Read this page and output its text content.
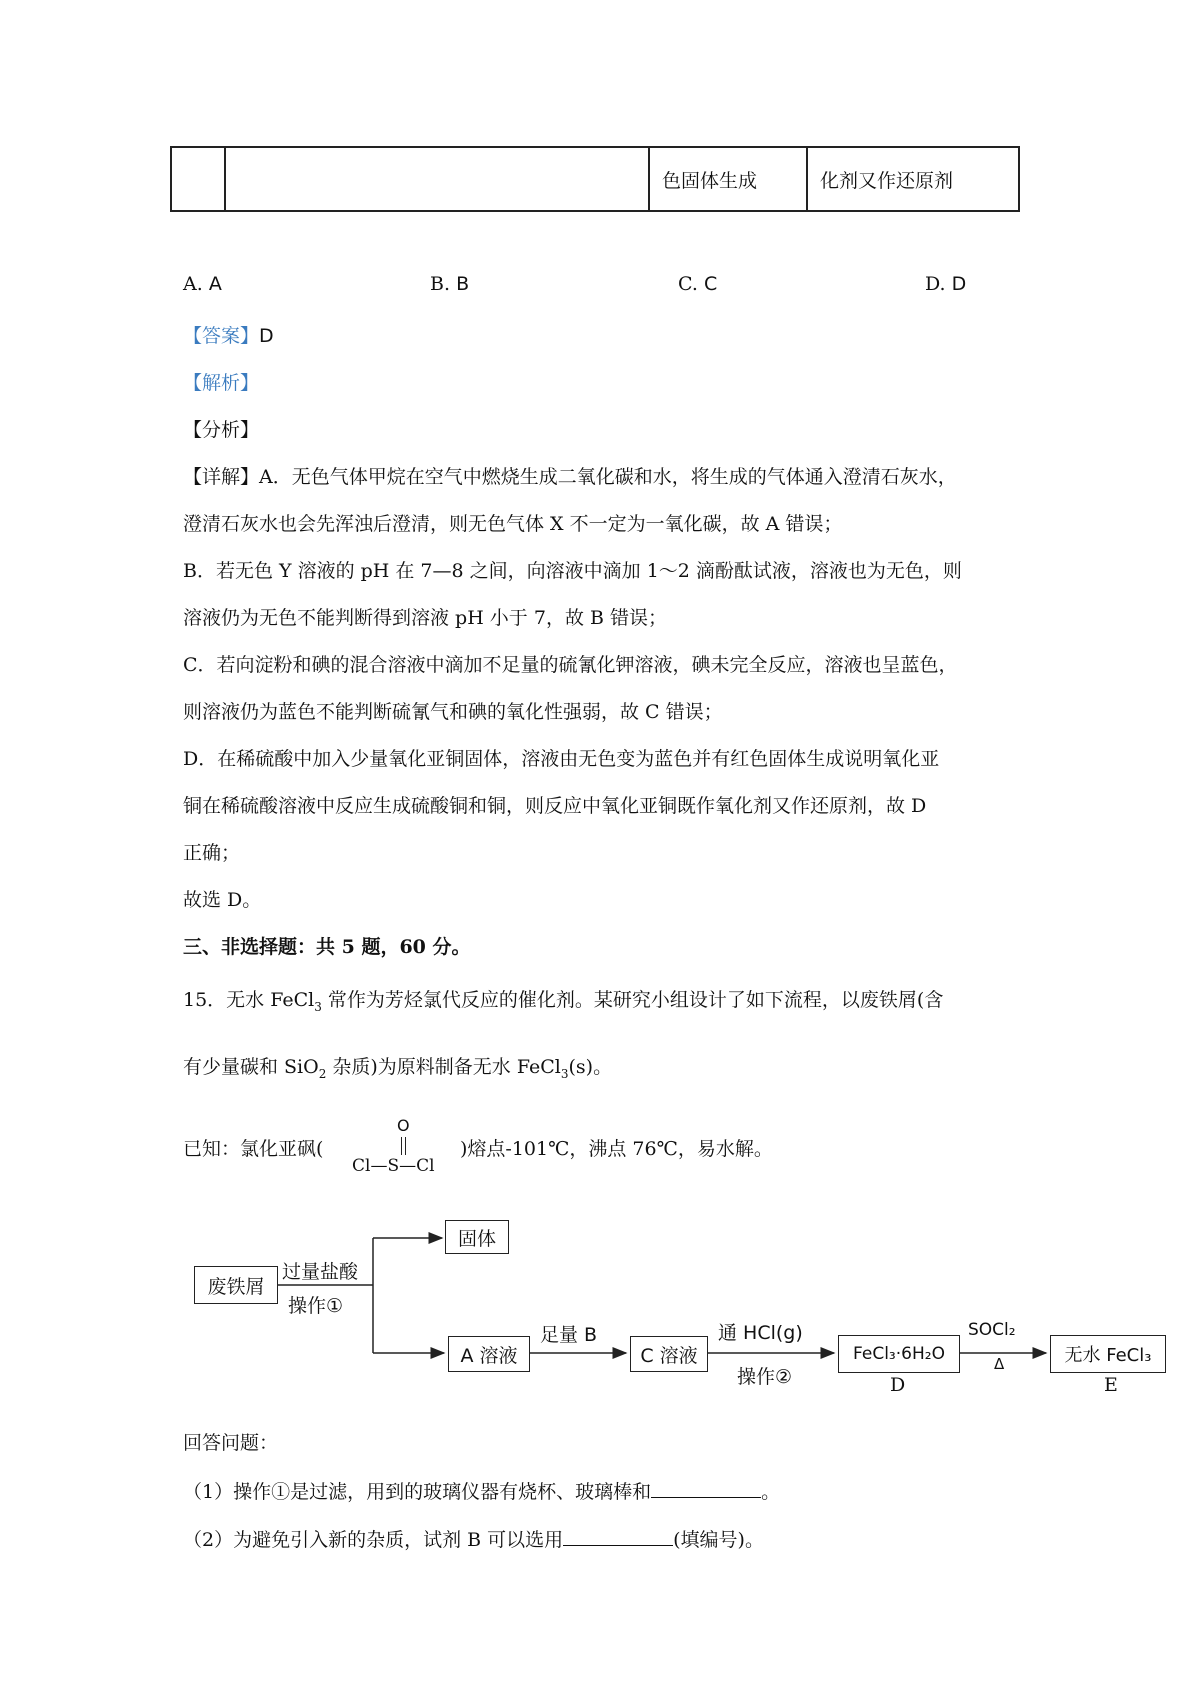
		色固体生成	化剂又作还原剂
A. A	B. B	C. C	D. D
【答案】D
【解析】
【分析】
【详解】A．无色气体甲烷在空气中燃烧生成二氧化碳和水，将生成的气体通入澄清石灰水，
澄清石灰水也会先浑浊后澄清，则无色气体 X 不一定为一氧化碳，故 A 错误；
B．若无色 Y 溶液的 pH 在 7—8 之间，向溶液中滴加 1～2 滴酚酞试液，溶液也为无色，则
溶液仍为无色不能判断得到溶液 pH 小于 7，故 B 错误；
C．若向淀粉和碘的混合溶液中滴加不足量的硫氰化钾溶液，碘未完全反应，溶液也呈蓝色，
则溶液仍为蓝色不能判断硫氰气和碘的氧化性强弱，故 C 错误；
D．在稀硫酸中加入少量氧化亚铜固体，溶液由无色变为蓝色并有红色固体生成说明氧化亚
铜在稀硫酸溶液中反应生成硫酸铜和铜，则反应中氧化亚铜既作氧化剂又作还原剂，故 D
正确；
故选 D。
三、非选择题：共 5 题，60 分。
15．无水 FeCl$_3$ 常作为芳烃氯代反应的催化剂。某研究小组设计了如下流程，以废铁屑(含
有少量碳和 SiO$_2$ 杂质)为原料制备无水 FeCl$_3$(s)。
已知：氯化亚砜(
O
Cl—S—Cl
)熔点-101℃，沸点 76℃，易水解。
废铁屑
过量盐酸
操作①
固体
A 溶液
足量 B
C 溶液
通 HCl(g)
操作②
FeCl₃·6H₂O
D
SOCl₂
Δ	无水 FeCl₃
E
回答问题：
（1）操作①是过滤，用到的玻璃仪器有烧杯、玻璃棒和	。
（2）为避免引入新的杂质，试剂 B 可以选用	(填编号)。
